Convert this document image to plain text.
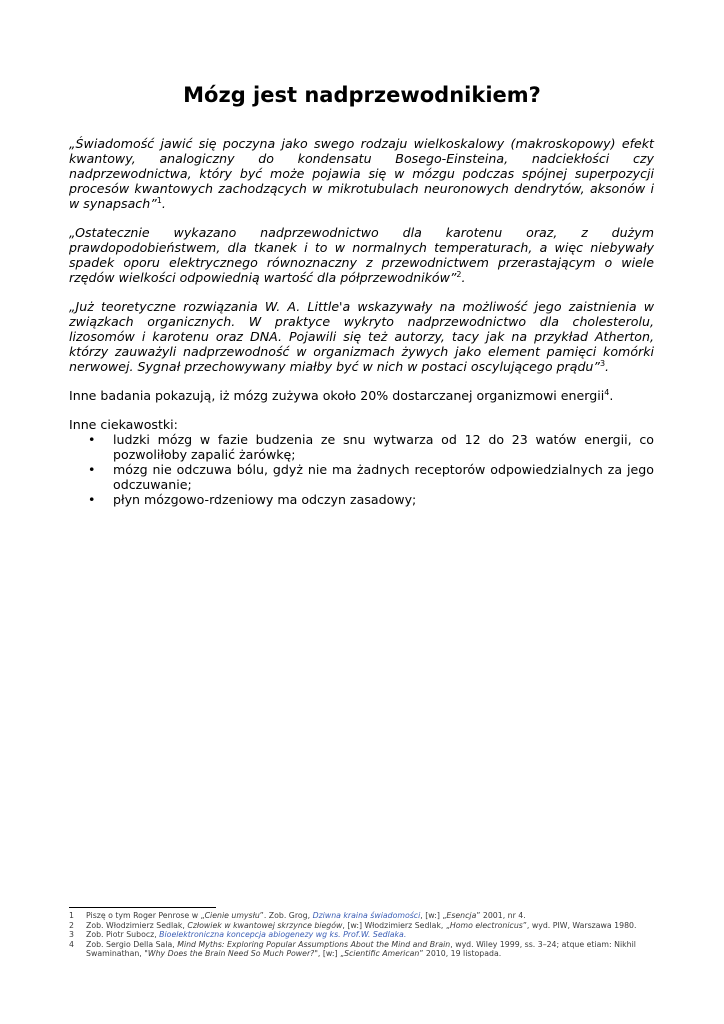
Mózg jest nadprzewodnikiem?

„Świadomość jawić się poczyna jako swego rodzaju wielkoskalowy (makroskopowy) efekt kwantowy, analogiczny do kondensatu Bosego-Einsteina, nadciekłości czy nadprzewodnictwa, który być może pojawia się w mózgu podczas spójnej superpozycji procesów kwantowych zachodzących w mikrotubulach neuronowych dendrytów, aksonów i w synapsach”$^1$.

„Ostatecznie wykazano nadprzewodnictwo dla karotenu oraz, z dużym prawdopodobieństwem, dla tkanek i to w normalnych temperaturach, a więc niebywały spadek oporu elektrycznego równoznaczny z przewodnictwem przerastającym o wiele rzędów wielkości odpowiednią wartość dla półprzewodników”$^2$.

„Już teoretyczne rozwiązania W. A. Little'a wskazywały na możliwość jego zaistnienia w związkach organicznych. W praktyce wykryto nadprzewodnictwo dla cholesterolu, lizosomów i karotenu oraz DNA. Pojawili się też autorzy, tacy jak na przykład Atherton, którzy zauważyli nadprzewodność w organizmach żywych jako element pamięci komórki nerwowej. Sygnał przechowywany miałby być w nich w postaci oscylującego prądu”$^3$.

Inne badania pokazują, iż mózg zużywa około 20% dostarczanej organizmowi energii$^4$.

Inne ciekawostki:
• ludzki mózg w fazie budzenia ze snu wytwarza od 12 do 23 watów energii, co pozwoliłoby zapalić żarówkę;
• mózg nie odczuwa bólu, gdyż nie ma żadnych receptorów odpowiedzialnych za jego odczuwanie;
• płyn mózgowo-rdzeniowy ma odczyn zasadowy;
1 Piszę o tym Roger Penrose w „Cienie umysłu”. Zob. Grog, Dziwna kraina świadomości, [w:] „Esencja” 2001, nr 4.
2 Zob. Włodzimierz Sedlak, Człowiek w kwantowej skrzynce biegów, [w:] Włodzimierz Sedlak, „Homo electronicus”, wyd. PIW, Warszawa 1980.
3 Zob. Piotr Subocz, Bioelektroniczna koncepcja abiogenezy wg ks. Prof.W. Sedlaka.
4 Zob. Sergio Della Sala, Mind Myths: Exploring Popular Assumptions About the Mind and Brain, wyd. Wiley 1999, ss. 3–24; atque etiam: Nikhil Swaminathan, "Why Does the Brain Need So Much Power?", [w:] „Scientific American” 2010, 19 listopada.
